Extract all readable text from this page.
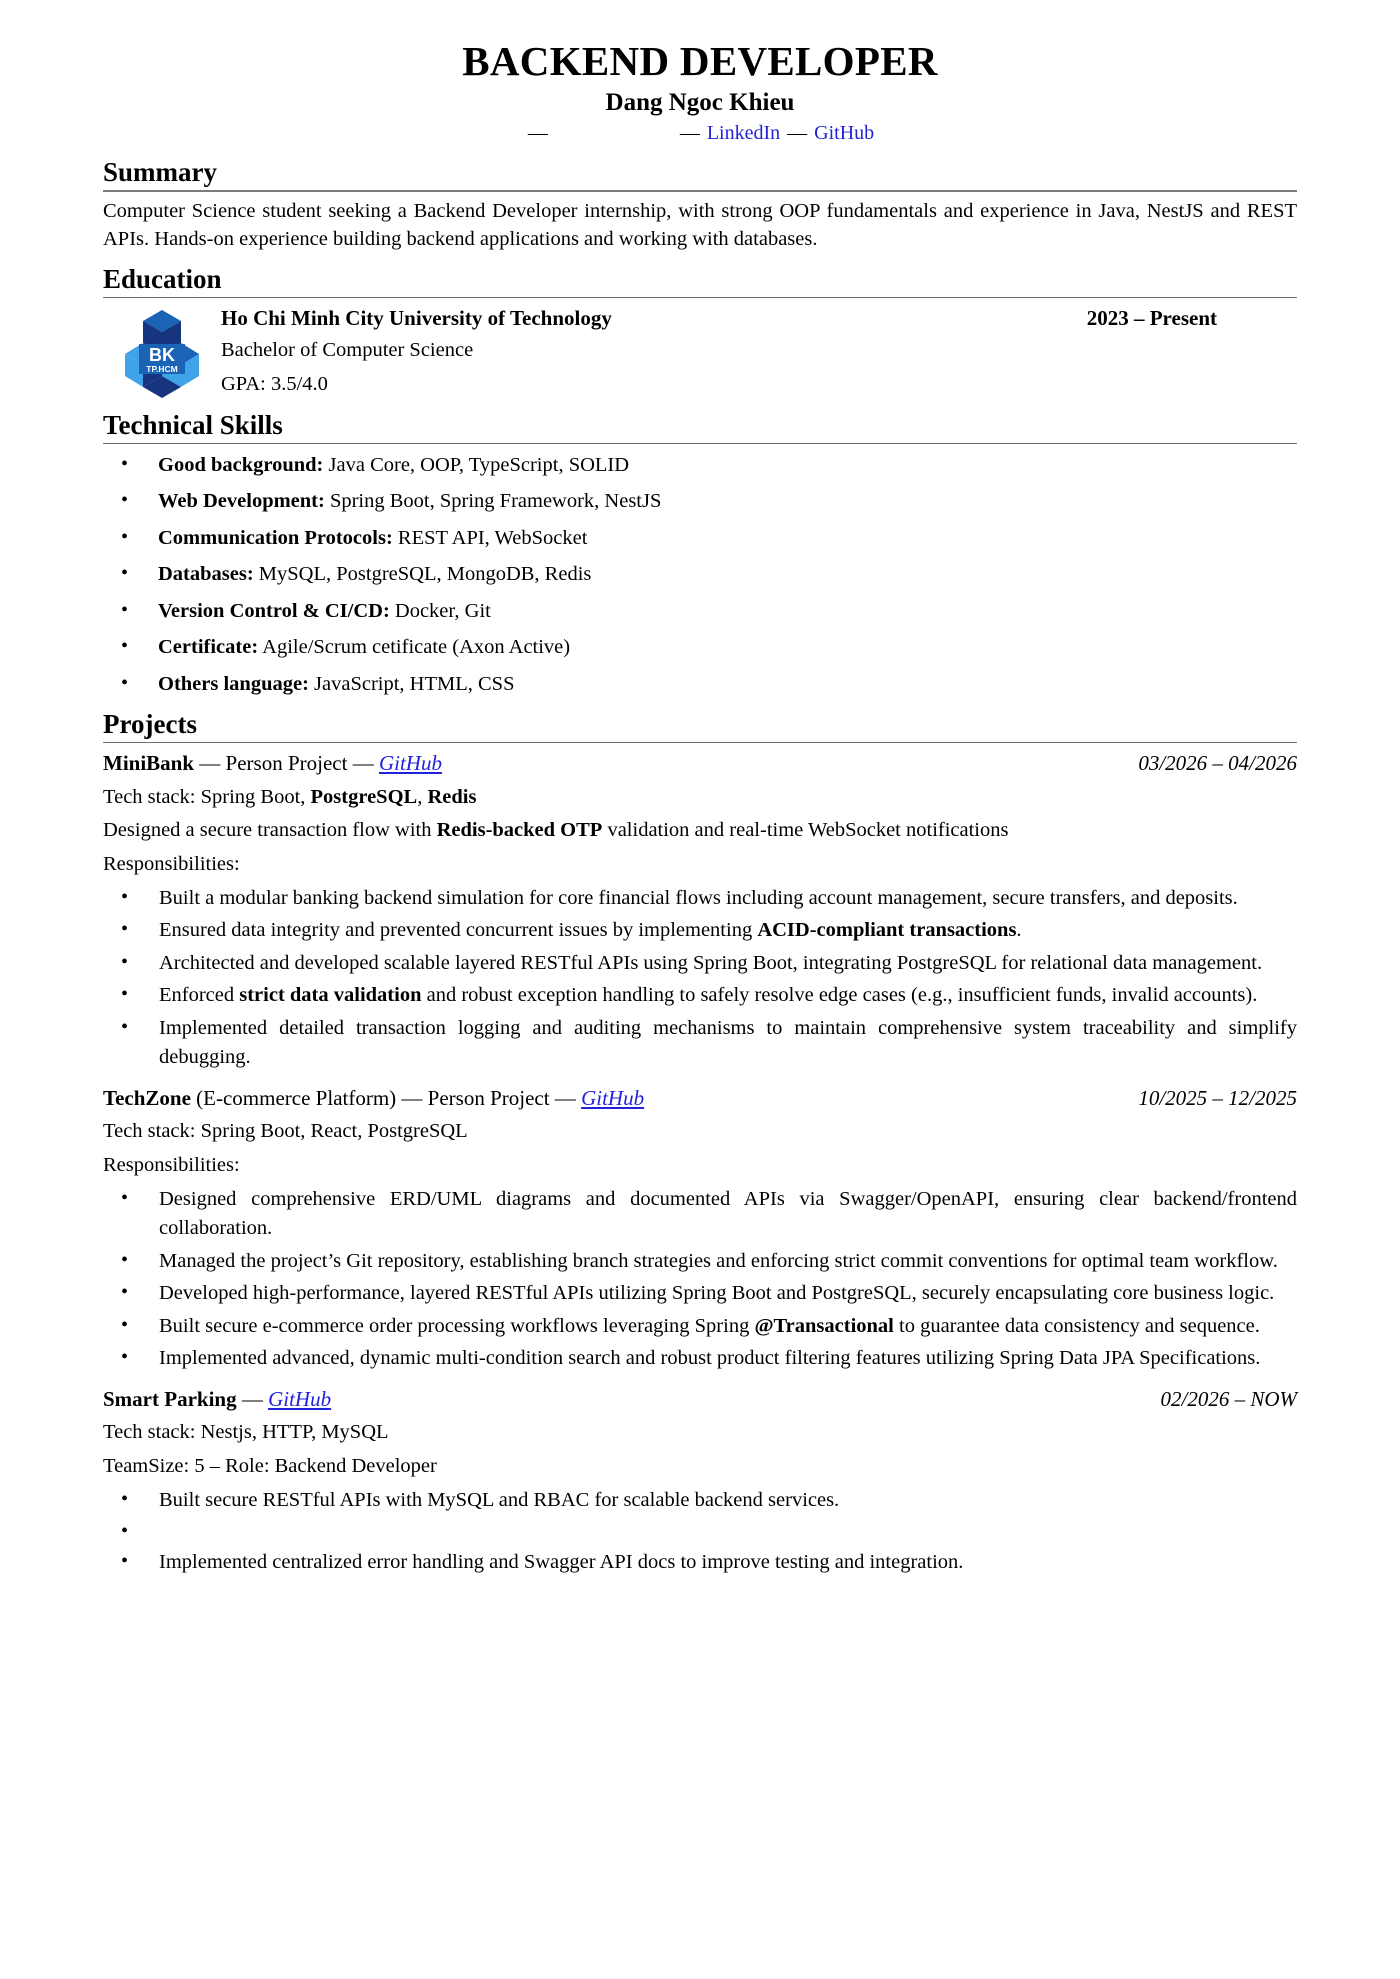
BACKEND DEVELOPER
Dang Ngoc Khieu
—	— LinkedIn — GitHub
Summary
Computer Science student seeking a Backend Developer internship, with strong OOP fundamentals and experience in Java, NestJS and REST APIs. Hands-on experience building backend applications and working with databases.
Education
BK
TP.HCM
Ho Chi Minh City University of Technology	2023 – Present
Bachelor of Computer Science
GPA: 3.5/4.0
Technical Skills
• Good background: Java Core, OOP, TypeScript, SOLID
• Web Development: Spring Boot, Spring Framework, NestJS
• Communication Protocols: REST API, WebSocket
• Databases: MySQL, PostgreSQL, MongoDB, Redis
• Version Control & CI/CD: Docker, Git
• Certificate: Agile/Scrum cetificate (Axon Active)
• Others language: JavaScript, HTML, CSS
Projects
MiniBank — Person Project — GitHub	03/2026 – 04/2026
Tech stack: Spring Boot, PostgreSQL, Redis
Designed a secure transaction flow with Redis-backed OTP validation and real-time WebSocket notifications
Responsibilities:
• Built a modular banking backend simulation for core financial flows including account management, secure transfers, and deposits.
• Ensured data integrity and prevented concurrent issues by implementing ACID-compliant transactions.
• Architected and developed scalable layered RESTful APIs using Spring Boot, integrating PostgreSQL for relational data management.
• Enforced strict data validation and robust exception handling to safely resolve edge cases (e.g., insufficient funds, invalid accounts).
• Implemented detailed transaction logging and auditing mechanisms to maintain comprehensive system traceability and simplify debugging.
TechZone (E-commerce Platform) — Person Project — GitHub	10/2025 – 12/2025
Tech stack: Spring Boot, React, PostgreSQL
Responsibilities:
• Designed comprehensive ERD/UML diagrams and documented APIs via Swagger/OpenAPI, ensuring clear backend/frontend collaboration.
• Managed the project’s Git repository, establishing branch strategies and enforcing strict commit conventions for optimal team workflow.
• Developed high-performance, layered RESTful APIs utilizing Spring Boot and PostgreSQL, securely encapsulating core business logic.
• Built secure e-commerce order processing workflows leveraging Spring @Transactional to guarantee data consistency and sequence.
• Implemented advanced, dynamic multi-condition search and robust product filtering features utilizing Spring Data JPA Specifications.
Smart Parking — GitHub	02/2026 – NOW
Tech stack: Nestjs, HTTP, MySQL
TeamSize: 5 – Role: Backend Developer
• Built secure RESTful APIs with MySQL and RBAC for scalable backend services.
•
• Implemented centralized error handling and Swagger API docs to improve testing and integration.
